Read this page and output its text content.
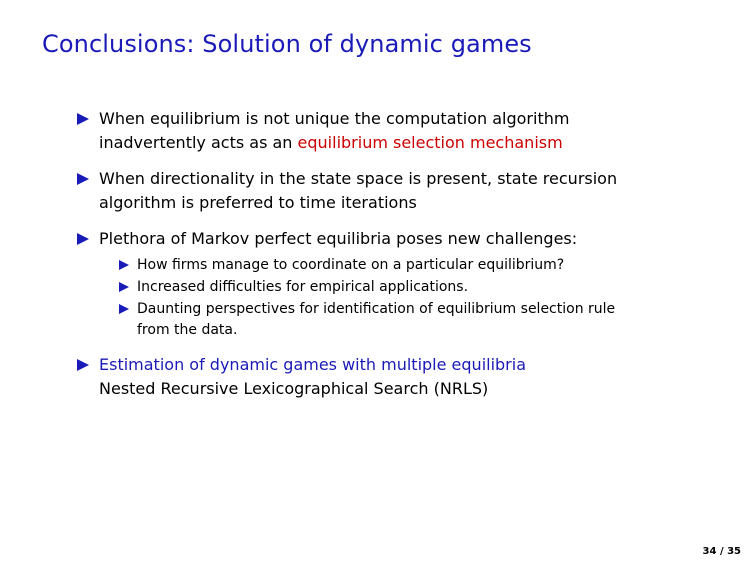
Conclusions: Solution of dynamic games
When equilibrium is not unique the computation algorithm
inadvertently acts as an equilibrium selection mechanism
When directionality in the state space is present, state recursion
algorithm is preferred to time iterations
Plethora of Markov perfect equilibria poses new challenges:
How firms manage to coordinate on a particular equilibrium?
Increased difficulties for empirical applications.
Daunting perspectives for identification of equilibrium selection rule
from the data.
Estimation of dynamic games with multiple equilibria
Nested Recursive Lexicographical Search (NRLS)
34 / 35
